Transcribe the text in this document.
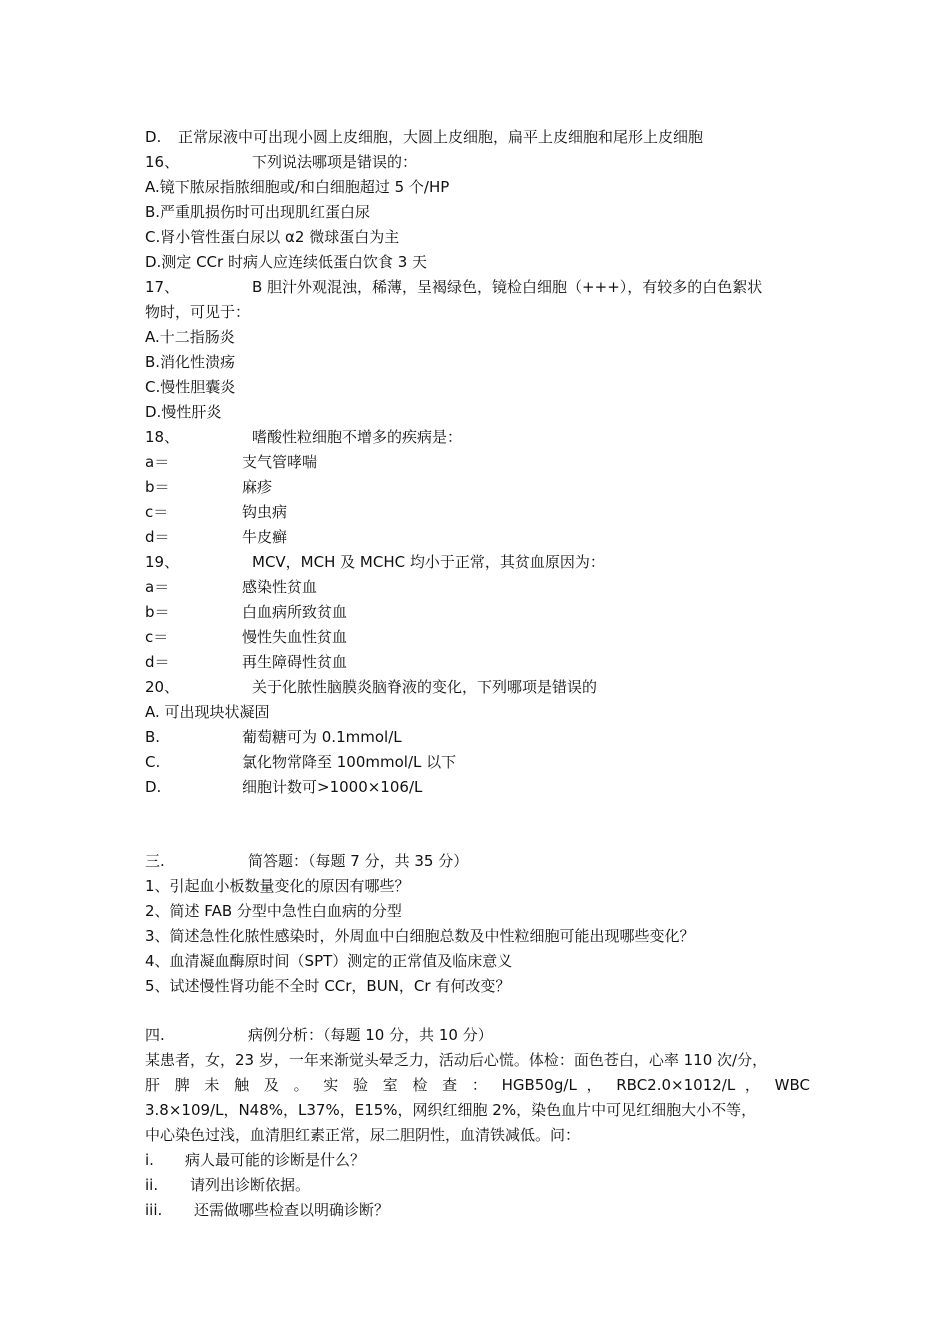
D. 正常尿液中可出现小圆上皮细胞，大圆上皮细胞，扁平上皮细胞和尾形上皮细胞
16、	下列说法哪项是错误的：
A.镜下脓尿指脓细胞或/和白细胞超过 5 个/HP
B.严重肌损伤时可出现肌红蛋白尿
C.肾小管性蛋白尿以 α2 微球蛋白为主
D.测定 CCr 时病人应连续低蛋白饮食 3 天
17、	B 胆汁外观混浊，稀薄，呈褐绿色，镜检白细胞（+++），有较多的白色絮状
物时，可见于：
A.十二指肠炎
B.消化性溃疡
C.慢性胆囊炎
D.慢性肝炎
18、	嗜酸性粒细胞不增多的疾病是：
a＝	支气管哮喘
b＝	麻疹
c＝	钩虫病
d＝	牛皮癣
19、	MCV，MCH 及 MCHC 均小于正常，其贫血原因为：
a＝	感染性贫血
b＝	白血病所致贫血
c＝	慢性失血性贫血
d＝	再生障碍性贫血
20、	关于化脓性脑膜炎脑脊液的变化，下列哪项是错误的
A. 可出现块状凝固
B.	葡萄糖可为 0.1mmol/L
C.	氯化物常降至 100mmol/L 以下
D.	细胞计数可>1000×106/L
三.	简答题：（每题 7 分，共 35 分）
1、引起血小板数量变化的原因有哪些？
2、简述 FAB 分型中急性白血病的分型
3、简述急性化脓性感染时，外周血中白细胞总数及中性粒细胞可能出现哪些变化？
4、血清凝血酶原时间（SPT）测定的正常值及临床意义
5、试述慢性肾功能不全时 CCr，BUN，Cr 有何改变？
四.	病例分析：（每题 10 分，共 10 分）
某患者，女，23 岁，一年来渐觉头晕乏力，活动后心慌。体检：面色苍白，心率 110 次/分，
肝 脾 未 触 及 。 实 验 室 检 查 ： HGB50g/L ， RBC2.0×1012/L ， WBC
3.8×109/L，N48%，L37%，E15%，网织红细胞 2%，染色血片中可见红细胞大小不等，
中心染色过浅，血清胆红素正常，尿二胆阴性，血清铁减低。问：
i. 病人最可能的诊断是什么？
ii. 请列出诊断依据。
iii. 还需做哪些检查以明确诊断？
